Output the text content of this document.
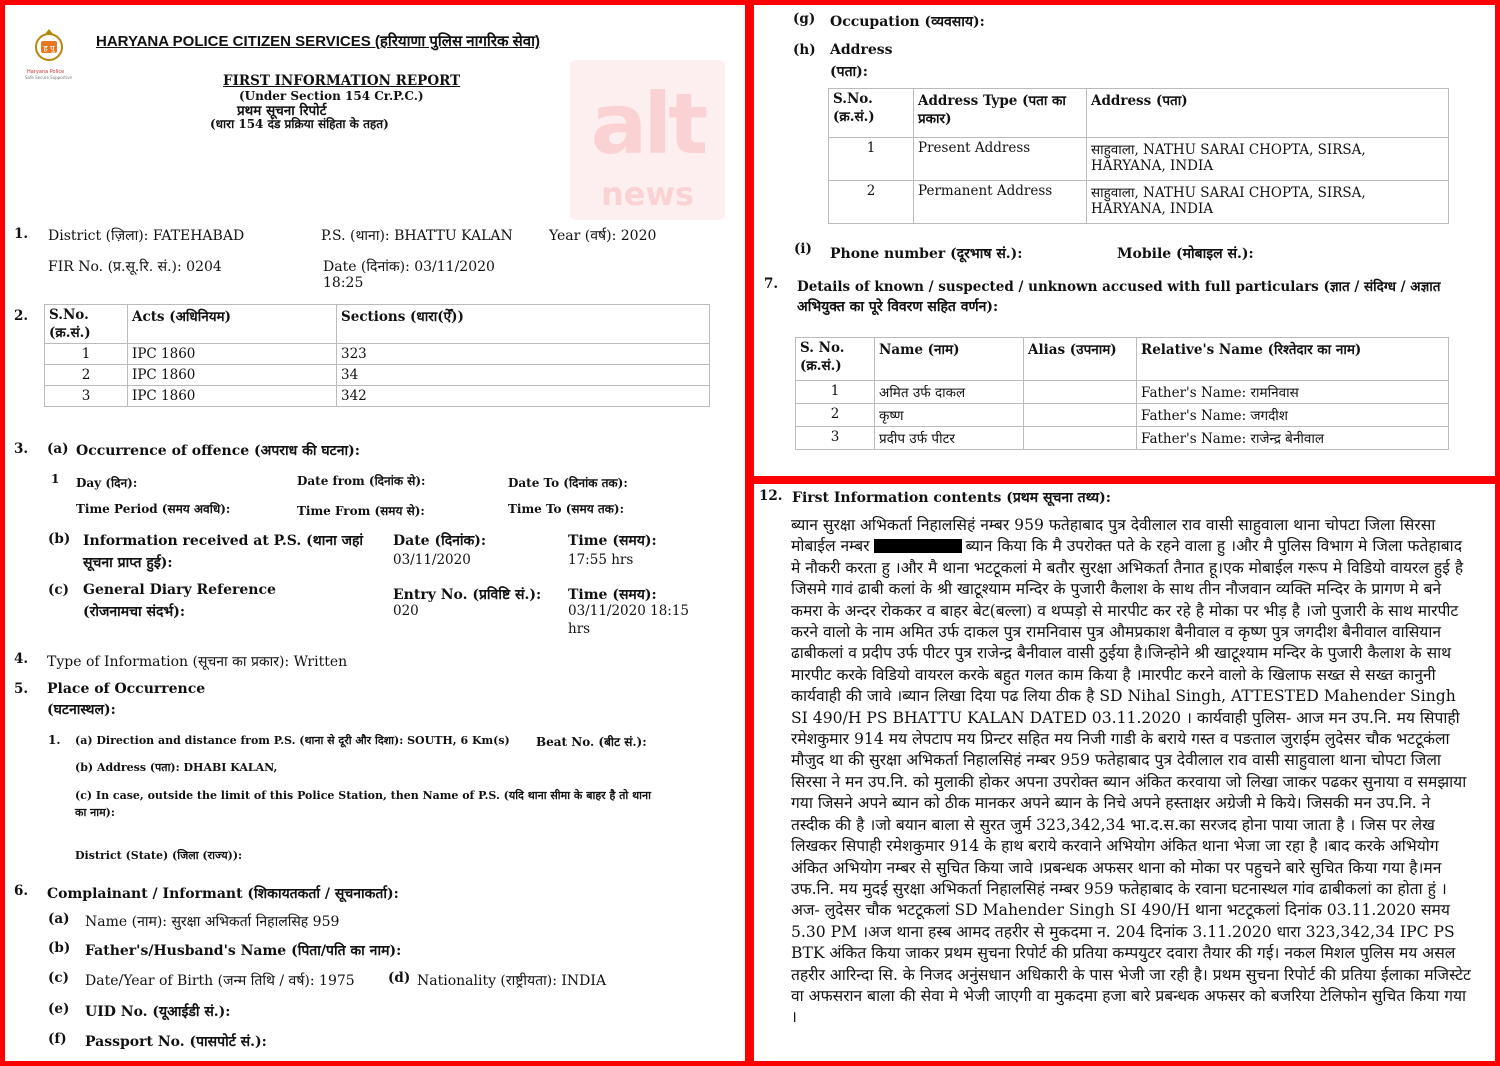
ह पु
Haryana Police
Safe Secure Supportive
HARYANA POLICE CITIZEN SERVICES (हरियाणा पुलिस नागरिक सेवा)
alt
news
FIRST INFORMATION REPORT
(Under Section 154 Cr.P.C.)
प्रथम सूचना रिपोर्ट
(धारा 154 दंड प्रक्रिया संहिता के तहत)
1. District (ज़िला): FATEHABAD	P.S. (थाना): BHATTU KALAN	Year (वर्ष): 2020
FIR No. (प्र.सू.रि. सं.): 0204	Date (दिनांक): 03/11/2020
18:25
2. S.No. (क्र.सं.)	Acts (अधिनियम)	Sections (धारा(ऐँ))
1	IPC 1860	323
2	IPC 1860	34
3	IPC 1860	342
3. (a) Occurrence of offence (अपराध की घटना):
1 Day (दिन):	Date from (दिनांक से):	Date To (दिनांक तक):
Time Period (समय अवधि):	Time From (समय से):	Time To (समय तक):
(b) Information received at P.S. (थाना जहां
सूचना प्राप्त हुई):
Date (दिनांक):
03/11/2020
Time (समय):
17:55 hrs
(c) General Diary Reference
(रोजनामचा संदर्भ):
Entry No. (प्रविष्टि सं.):
020
Time (समय):
03/11/2020 18:15
hrs
4. Type of Information (सूचना का प्रकार): Written
5. Place of Occurrence
(घटनास्थल):
1. (a) Direction and distance from P.S. (थाना से दूरी और दिशा): SOUTH, 6 Km(s) Beat No. (बीट सं.):
(b) Address (पता): DHABI KALAN,
(c) In case, outside the limit of this Police Station, then Name of P.S. (यदि थाना सीमा के बाहर है तो थाना
का नाम):
District (State) (जिला (राज्य)):
6. Complainant / Informant (शिकायतकर्ता / सूचनाकर्ता):
(a) Name (नाम): सुरक्षा अभिकर्ता निहालसिह 959
(b) Father's/Husband's Name (पिता/पति का नाम):
(c) Date/Year of Birth (जन्म तिथि / वर्ष): 1975 (d) Nationality (राष्ट्रीयता): INDIA
(e) UID No. (यूआईडी सं.):
(f) Passport No. (पासपोर्ट सं.):
(g) Occupation (व्यवसाय):
(h) Address
(पता):
S.No. (क्र.सं.)	Address Type (पता का प्रकार)	Address (पता)
1	Present Address	साहुवाला, NATHU SARAI CHOPTA, SIRSA, HARYANA, INDIA
2	Permanent Address	साहुवाला, NATHU SARAI CHOPTA, SIRSA, HARYANA, INDIA
(i) Phone number (दूरभाष सं.):	Mobile (मोबाइल सं.):
7. Details of known / suspected / unknown accused with full particulars (ज्ञात / संदिग्ध / अज्ञात
अभियुक्त का पूरे विवरण सहित वर्णन):
S. No. (क्र.सं.)	Name (नाम)	Alias (उपनाम)	Relative's Name (रिश्तेदार का नाम)
1	अमित उर्फ दाकल		Father's Name: रामनिवास
2	कृष्ण		Father's Name: जगदीश
3	प्रदीप उर्फ पीटर		Father's Name: राजेन्द्र बेनीवाल
12. First Information contents (प्रथम सूचना तथ्य):
ब्यान सुरक्षा अभिकर्ता निहालसिहं नम्बर 959 फतेहाबाद पुत्र देवीलाल राव वासी साहुवाला थाना चोपटा जिला सिरसा मोबाईल नम्बर	ब्यान किया कि मै उपरोक्त पते के रहने वाला हु ।और मै पुलिस विभाग मे जिला फतेहाबाद मे नौकरी करता हु ।और मै थाना भटटूकलां मे बतौर सुरक्षा अभिकर्ता तैनात हू।एक मोबाईल गरूप मे विडियो वायरल हुई है जिसमे गावं ढाबी कलां के श्री खाटूश्याम मन्दिर के पुजारी कैलाश के साथ तीन नौजवान व्यक्ति मन्दिर के प्रागण मे बने कमरा के अन्दर रोककर व बाहर बेट(बल्ला) व थप्पड़ो से मारपीट कर रहे है मोका पर भीड़ है ।जो पुजारी के साथ मारपीट करने वालो के नाम अमित उर्फ दाकल पुत्र रामनिवास पुत्र औमप्रकाश बैनीवाल व कृष्ण पुत्र जगदीश बैनीवाल वासियान ढाबीकलां व प्रदीप उर्फ पीटर पुत्र राजेन्द्र बैनीवाल वासी ठुईया है।जिन्होने श्री खाटूश्याम मन्दिर के पुजारी कैलाश के साथ मारपीट करके विडियो वायरल करके बहुत गलत काम किया है ।मारपीट करने वालो के खिलाफ सख्त से सख्त कानुनी कार्यवाही की जावे ।ब्यान लिखा दिया पढ लिया ठीक है SD Nihal Singh, ATTESTED Mahender Singh SI 490/H PS BHATTU KALAN DATED 03.11.2020 । कार्यवाही पुलिस- आज मन उप.नि. मय सिपाही रमेशकुमार 914 मय लेपटाप मय प्रिन्टर सहित मय निजी गाडी के बराये गस्त व पङताल जुराईम लुदेसर चौक भटटूकंला मौजुद था की सुरक्षा अभिकर्ता निहालसिहं नम्बर 959 फतेहाबाद पुत्र देवीलाल राव वासी साहुवाला थाना चोपटा जिला सिरसा ने मन उप.नि. को मुलाकी होकर अपना उपरोक्त ब्यान अंकित करवाया जो लिखा जाकर पढकर सुनाया व समझाया गया जिसने अपने ब्यान को ठीक मानकर अपने ब्यान के निचे अपने हस्ताक्षर अग्रेजी मे किये। जिसकी मन उप.नि. ने तस्दीक की है ।जो बयान बाला से सुरत जुर्म 323,342,34 भा.द.स.का सरजद होना पाया जाता है । जिस पर लेख लिखकर सिपाही रमेशकुमार 914 के हाथ बराये करवाने अभियोग अंकित थाना भेजा जा रहा है ।बाद करके अभियोग अंकित अभियोग नम्बर से सुचित किया जावे ।प्रबन्धक अफसर थाना को मोका पर पहुचने बारे सुचित किया गया है।मन उफ.नि. मय मुदई सुरक्षा अभिकर्ता निहालसिहं नम्बर 959 फतेहाबाद के रवाना घटनास्थल गांव ढाबीकलां का होता हुं । अज- लुदेसर चौक भटटूकलां SD Mahender Singh SI 490/H थाना भटटूकलां दिनांक 03.11.2020 समय 5.30 PM ।अज थाना हस्ब आमद तहरीर से मुकदमा न. 204 दिनांक 3.11.2020 धारा 323,342,34 IPC PS BTK अंकित किया जाकर प्रथम सुचना रिपोर्ट की प्रतिया कम्पयुटर दवारा तैयार की गई। नकल मिशल पुलिस मय असल तहरीर आरिन्दा सि. के निजद अनुंसधान अधिकारी के पास भेजी जा रही है। प्रथम सुचना रिपोर्ट की प्रतिया ईलाका मजिस्टेट वा अफसरान बाला की सेवा मे भेजी जाएगी वा मुकदमा हजा बारे प्रबन्धक अफसर को बजरिया टेलिफोन सुचित किया गया ।
